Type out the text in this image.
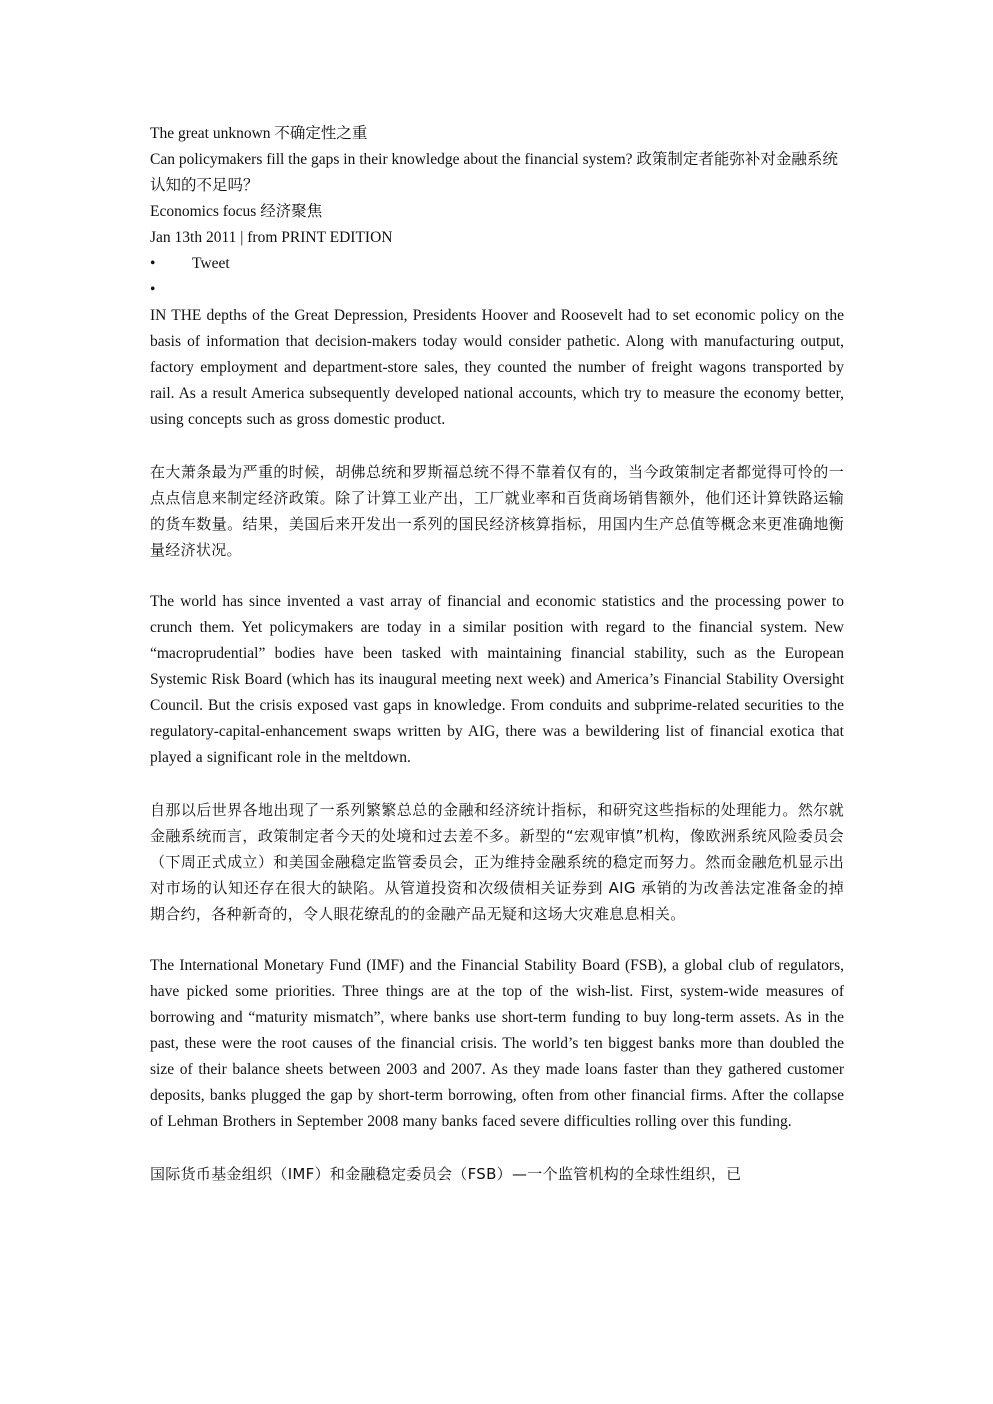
The great unknown 不确定性之重

Can policymakers fill the gaps in their knowledge about the financial system? 政策制定者能弥补对金融系统认知的不足吗？

Economics focus 经济聚焦

Jan 13th 2011 | from PRINT EDITION

•	Tweet
•

IN THE depths of the Great Depression, Presidents Hoover and Roosevelt had to set economic policy on the basis of information that decision-makers today would consider pathetic. Along with manufacturing output, factory employment and department-store sales, they counted the number of freight wagons transported by rail. As a result America subsequently developed national accounts, which try to measure the economy better, using concepts such as gross domestic product.

在大萧条最为严重的时候，胡佛总统和罗斯福总统不得不靠着仅有的，当今政策制定者都觉得可怜的一点点信息来制定经济政策。除了计算工业产出，工厂就业率和百货商场销售额外，他们还计算铁路运输的货车数量。结果，美国后来开发出一系列的国民经济核算指标，用国内生产总值等概念来更准确地衡量经济状况。

The world has since invented a vast array of financial and economic statistics and the processing power to crunch them. Yet policymakers are today in a similar position with regard to the financial system. New “macroprudential” bodies have been tasked with maintaining financial stability, such as the European Systemic Risk Board (which has its inaugural meeting next week) and America’s Financial Stability Oversight Council. But the crisis exposed vast gaps in knowledge. From conduits and subprime-related securities to the regulatory-capital-enhancement swaps written by AIG, there was a bewildering list of financial exotica that played a significant role in the meltdown.

自那以后世界各地出现了一系列繁繁总总的金融和经济统计指标，和研究这些指标的处理能力。然尔就金融系统而言，政策制定者今天的处境和过去差不多。新型的“宏观审慎”机构，像欧洲系统风险委员会（下周正式成立）和美国金融稳定监管委员会，正为维持金融系统的稳定而努力。然而金融危机显示出对市场的认知还存在很大的缺陷。从管道投资和次级债相关证券到 AIG 承销的为改善法定准备金的掉期合约，各种新奇的，令人眼花缭乱的的金融产品无疑和这场大灾难息息相关。

The International Monetary Fund (IMF) and the Financial Stability Board (FSB), a global club of regulators, have picked some priorities. Three things are at the top of the wish-list. First, system-wide measures of borrowing and “maturity mismatch”, where banks use short-term funding to buy long-term assets. As in the past, these were the root causes of the financial crisis. The world’s ten biggest banks more than doubled the size of their balance sheets between 2003 and 2007. As they made loans faster than they gathered customer deposits, banks plugged the gap by short-term borrowing, often from other financial firms. After the collapse of Lehman Brothers in September 2008 many banks faced severe difficulties rolling over this funding.

国际货币基金组织（IMF）和金融稳定委员会（FSB）—一个监管机构的全球性组织，已
